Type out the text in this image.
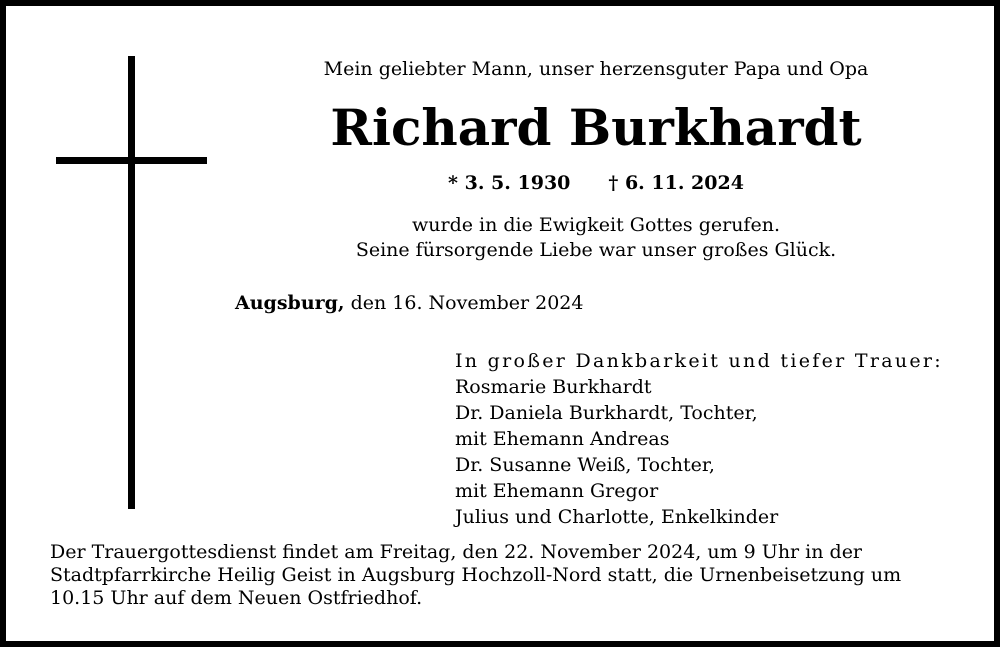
Mein geliebter Mann, unser herzensguter Papa und Opa
Richard Burkhardt
* 3. 5. 1930 † 6. 11. 2024
wurde in die Ewigkeit Gottes gerufen.
Seine fürsorgende Liebe war unser großes Glück.
Augsburg, den 16. November 2024
In großer Dankbarkeit und tiefer Trauer:
Rosmarie Burkhardt
Dr. Daniela Burkhardt, Tochter,
mit Ehemann Andreas
Dr. Susanne Weiß, Tochter,
mit Ehemann Gregor
Julius und Charlotte, Enkelkinder
Der Trauergottesdienst findet am Freitag, den 22. November 2024, um 9 Uhr in der
Stadtpfarrkirche Heilig Geist in Augsburg Hochzoll-Nord statt, die Urnenbeisetzung um
10.15 Uhr auf dem Neuen Ostfriedhof.
